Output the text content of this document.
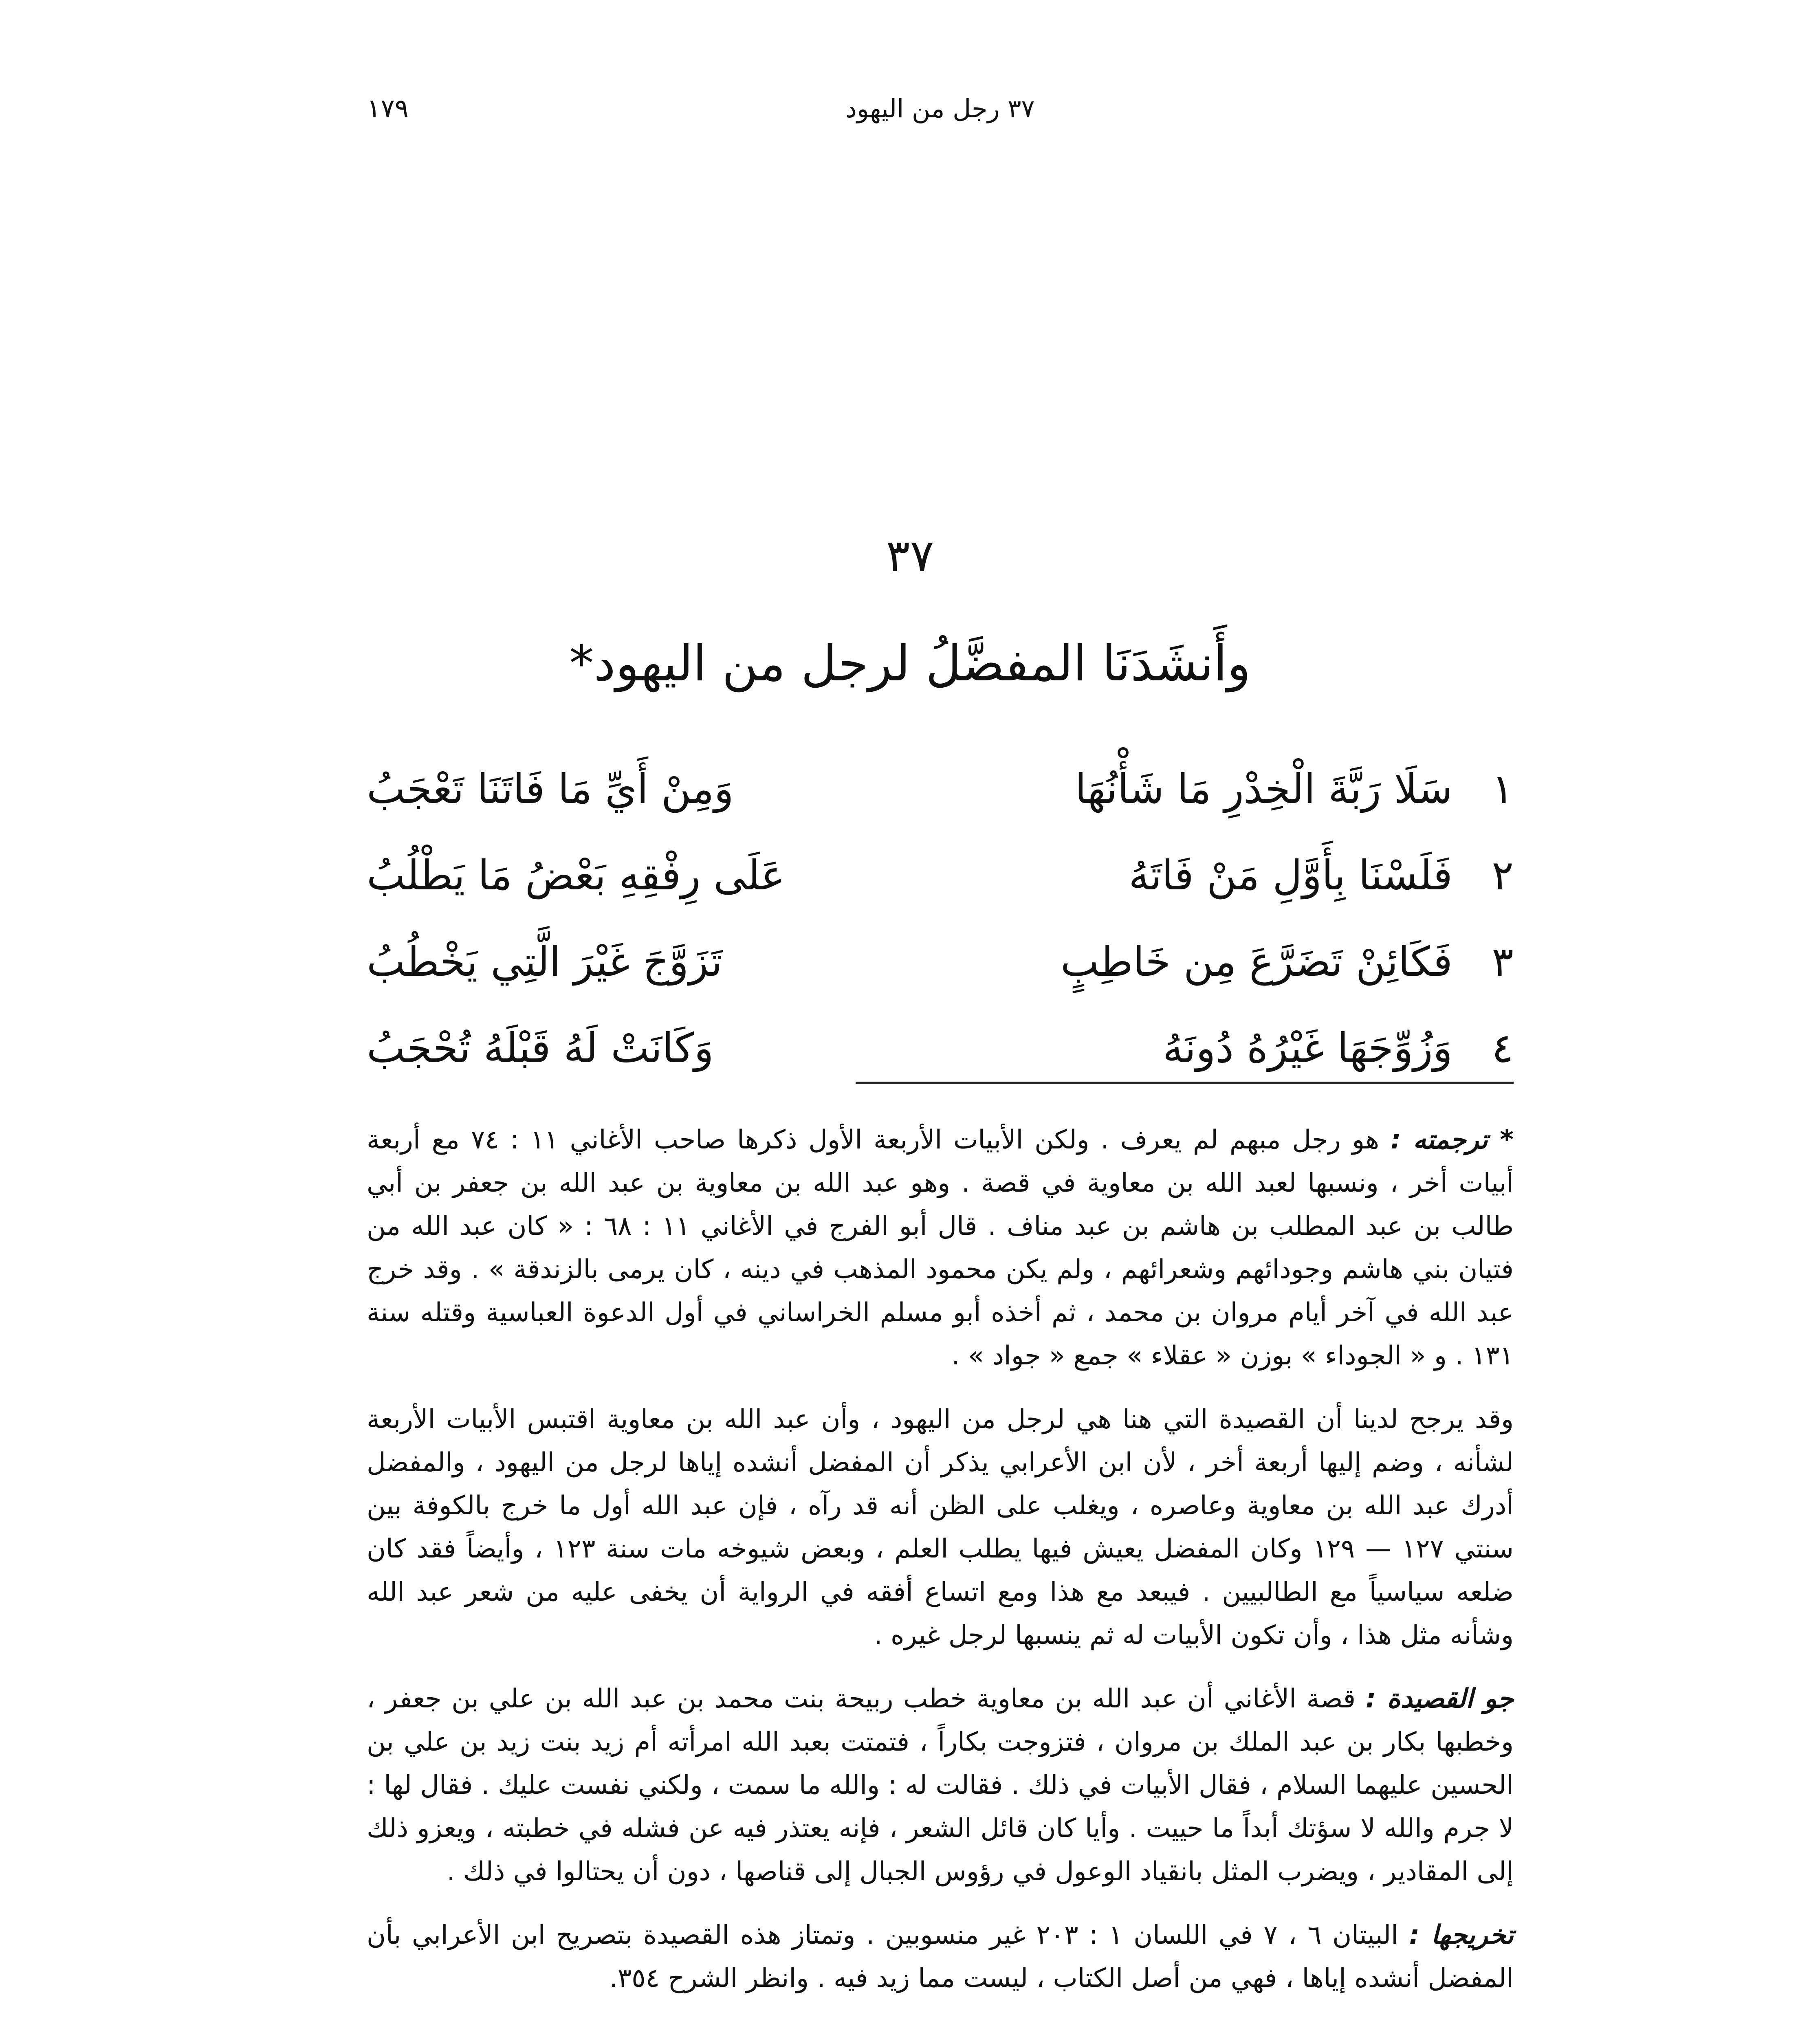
٣٧ رجل من اليهود
١٧٩
٣٧
وأَنشَدَنَا المفضَّلُ لرجل من اليهود*
١
سَلَا رَبَّةَ الْخِدْرِ مَا شَأْنُهَا
وَمِنْ أَيِّ مَا فَاتَنَا تَعْجَبُ
٢
فَلَسْنَا بِأَوَّلِ مَنْ فَاتَهُ
عَلَى رِفْقِهِ بَعْضُ مَا يَطْلُبُ
٣
فَكَائِنْ تَضَرَّعَ مِن خَاطِبٍ
تَزَوَّجَ غَيْرَ الَّتِي يَخْطُبُ
٤
وَزُوِّجَهَا غَيْرُهُ دُونَهُ
وَكَانَتْ لَهُ قَبْلَهُ تُحْجَبُ

* ترجمته : هو رجل مبهم لم يعرف . ولكن الأبيات الأربعة الأول ذكرها صاحب الأغاني ١١ : ٧٤ مع أربعة أبيات أخر ، ونسبها لعبد الله بن معاوية في قصة . وهو عبد الله بن معاوية بن عبد الله بن جعفر بن أبي طالب بن عبد المطلب بن هاشم بن عبد مناف . قال أبو الفرج في الأغاني ١١ : ٦٨ : « كان عبد الله من فتيان بني هاشم وجودائهم وشعرائهم ، ولم يكن محمود المذهب في دينه ، كان يرمى بالزندقة » . وقد خرج عبد الله في آخر أيام مروان بن محمد ، ثم أخذه أبو مسلم الخراساني في أول الدعوة العباسية وقتله سنة ١٣١ . و « الجوداء » بوزن « عقلاء » جمع « جواد » .

وقد يرجح لدينا أن القصيدة التي هنا هي لرجل من اليهود ، وأن عبد الله بن معاوية اقتبس الأبيات الأربعة لشأنه ، وضم إليها أربعة أخر ، لأن ابن الأعرابي يذكر أن المفضل أنشده إياها لرجل من اليهود ، والمفضل أدرك عبد الله بن معاوية وعاصره ، ويغلب على الظن أنه قد رآه ، فإن عبد الله أول ما خرج بالكوفة بين سنتي ١٢٧ — ١٢٩ وكان المفضل يعيش فيها يطلب العلم ، وبعض شيوخه مات سنة ١٢٣ ، وأيضاً فقد كان ضلعه سياسياً مع الطالبيين . فيبعد مع هذا ومع اتساع أفقه في الرواية أن يخفى عليه من شعر عبد الله وشأنه مثل هذا ، وأن تكون الأبيات له ثم ينسبها لرجل غيره .

جو القصيدة : قصة الأغاني أن عبد الله بن معاوية خطب ربيحة بنت محمد بن عبد الله بن علي بن جعفر ، وخطبها بكار بن عبد الملك بن مروان ، فتزوجت بكاراً ، فتمتت بعبد الله امرأته أم زيد بنت زيد بن علي بن الحسين عليهما السلام ، فقال الأبيات في ذلك . فقالت له : والله ما سمت ، ولكني نفست عليك . فقال لها : لا جرم والله لا سؤتك أبداً ما حييت . وأيا كان قائل الشعر ، فإنه يعتذر فيه عن فشله في خطبته ، ويعزو ذلك إلى المقادير ، ويضرب المثل بانقياد الوعول في رؤوس الجبال إلى قناصها ، دون أن يحتالوا في ذلك .

تخريجها : البيتان ٦ ، ٧ في اللسان ١ : ٢٠٣ غير منسوبين . وتمتاز هذه القصيدة بتصريح ابن الأعرابي بأن المفضل أنشده إياها ، فهي من أصل الكتاب ، ليست مما زيد فيه . وانظر الشرح ٣٥٤.
